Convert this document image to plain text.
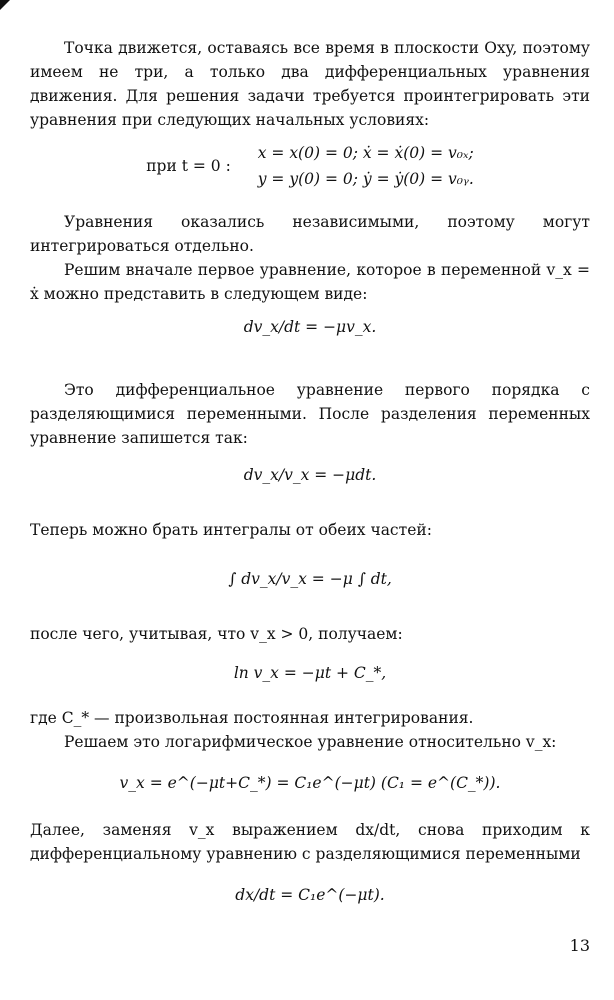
Точка движется, оставаясь все время в плоскости Oxy, поэтому имеем не три, а только два дифференциальных уравнения движения. Для решения задачи требуется проинтегрировать эти уравнения при следующих начальных условиях:
при t = 0 :
x = x(0) = 0; ẋ = ẋ(0) = v₀ₓ;
y = y(0) = 0; ẏ = ẏ(0) = v₀ᵧ.
Уравнения оказались независимыми, поэтому могут интегрироваться отдельно.
Решим вначале первое уравнение, которое в переменной v_x = ẋ можно представить в следующем виде:
dv_x/dt = −μv_x.
Это дифференциальное уравнение первого порядка с разделяющимися переменными. После разделения переменных уравнение запишется так:
dv_x/v_x = −μdt.
Теперь можно брать интегралы от обеих частей:
∫ dv_x/v_x = −μ ∫ dt,
после чего, учитывая, что v_x > 0, получаем:
ln v_x = −μt + C_*,
где C_* — произвольная постоянная интегрирования.
Решаем это логарифмическое уравнение относительно v_x:
v_x = e^(−μt+C_*) = C₁e^(−μt) (C₁ = e^(C_*)).
Далее, заменяя v_x выражением dx/dt, снова приходим к дифференциальному уравнению с разделяющимися переменными
dx/dt = C₁e^(−μt).
13
